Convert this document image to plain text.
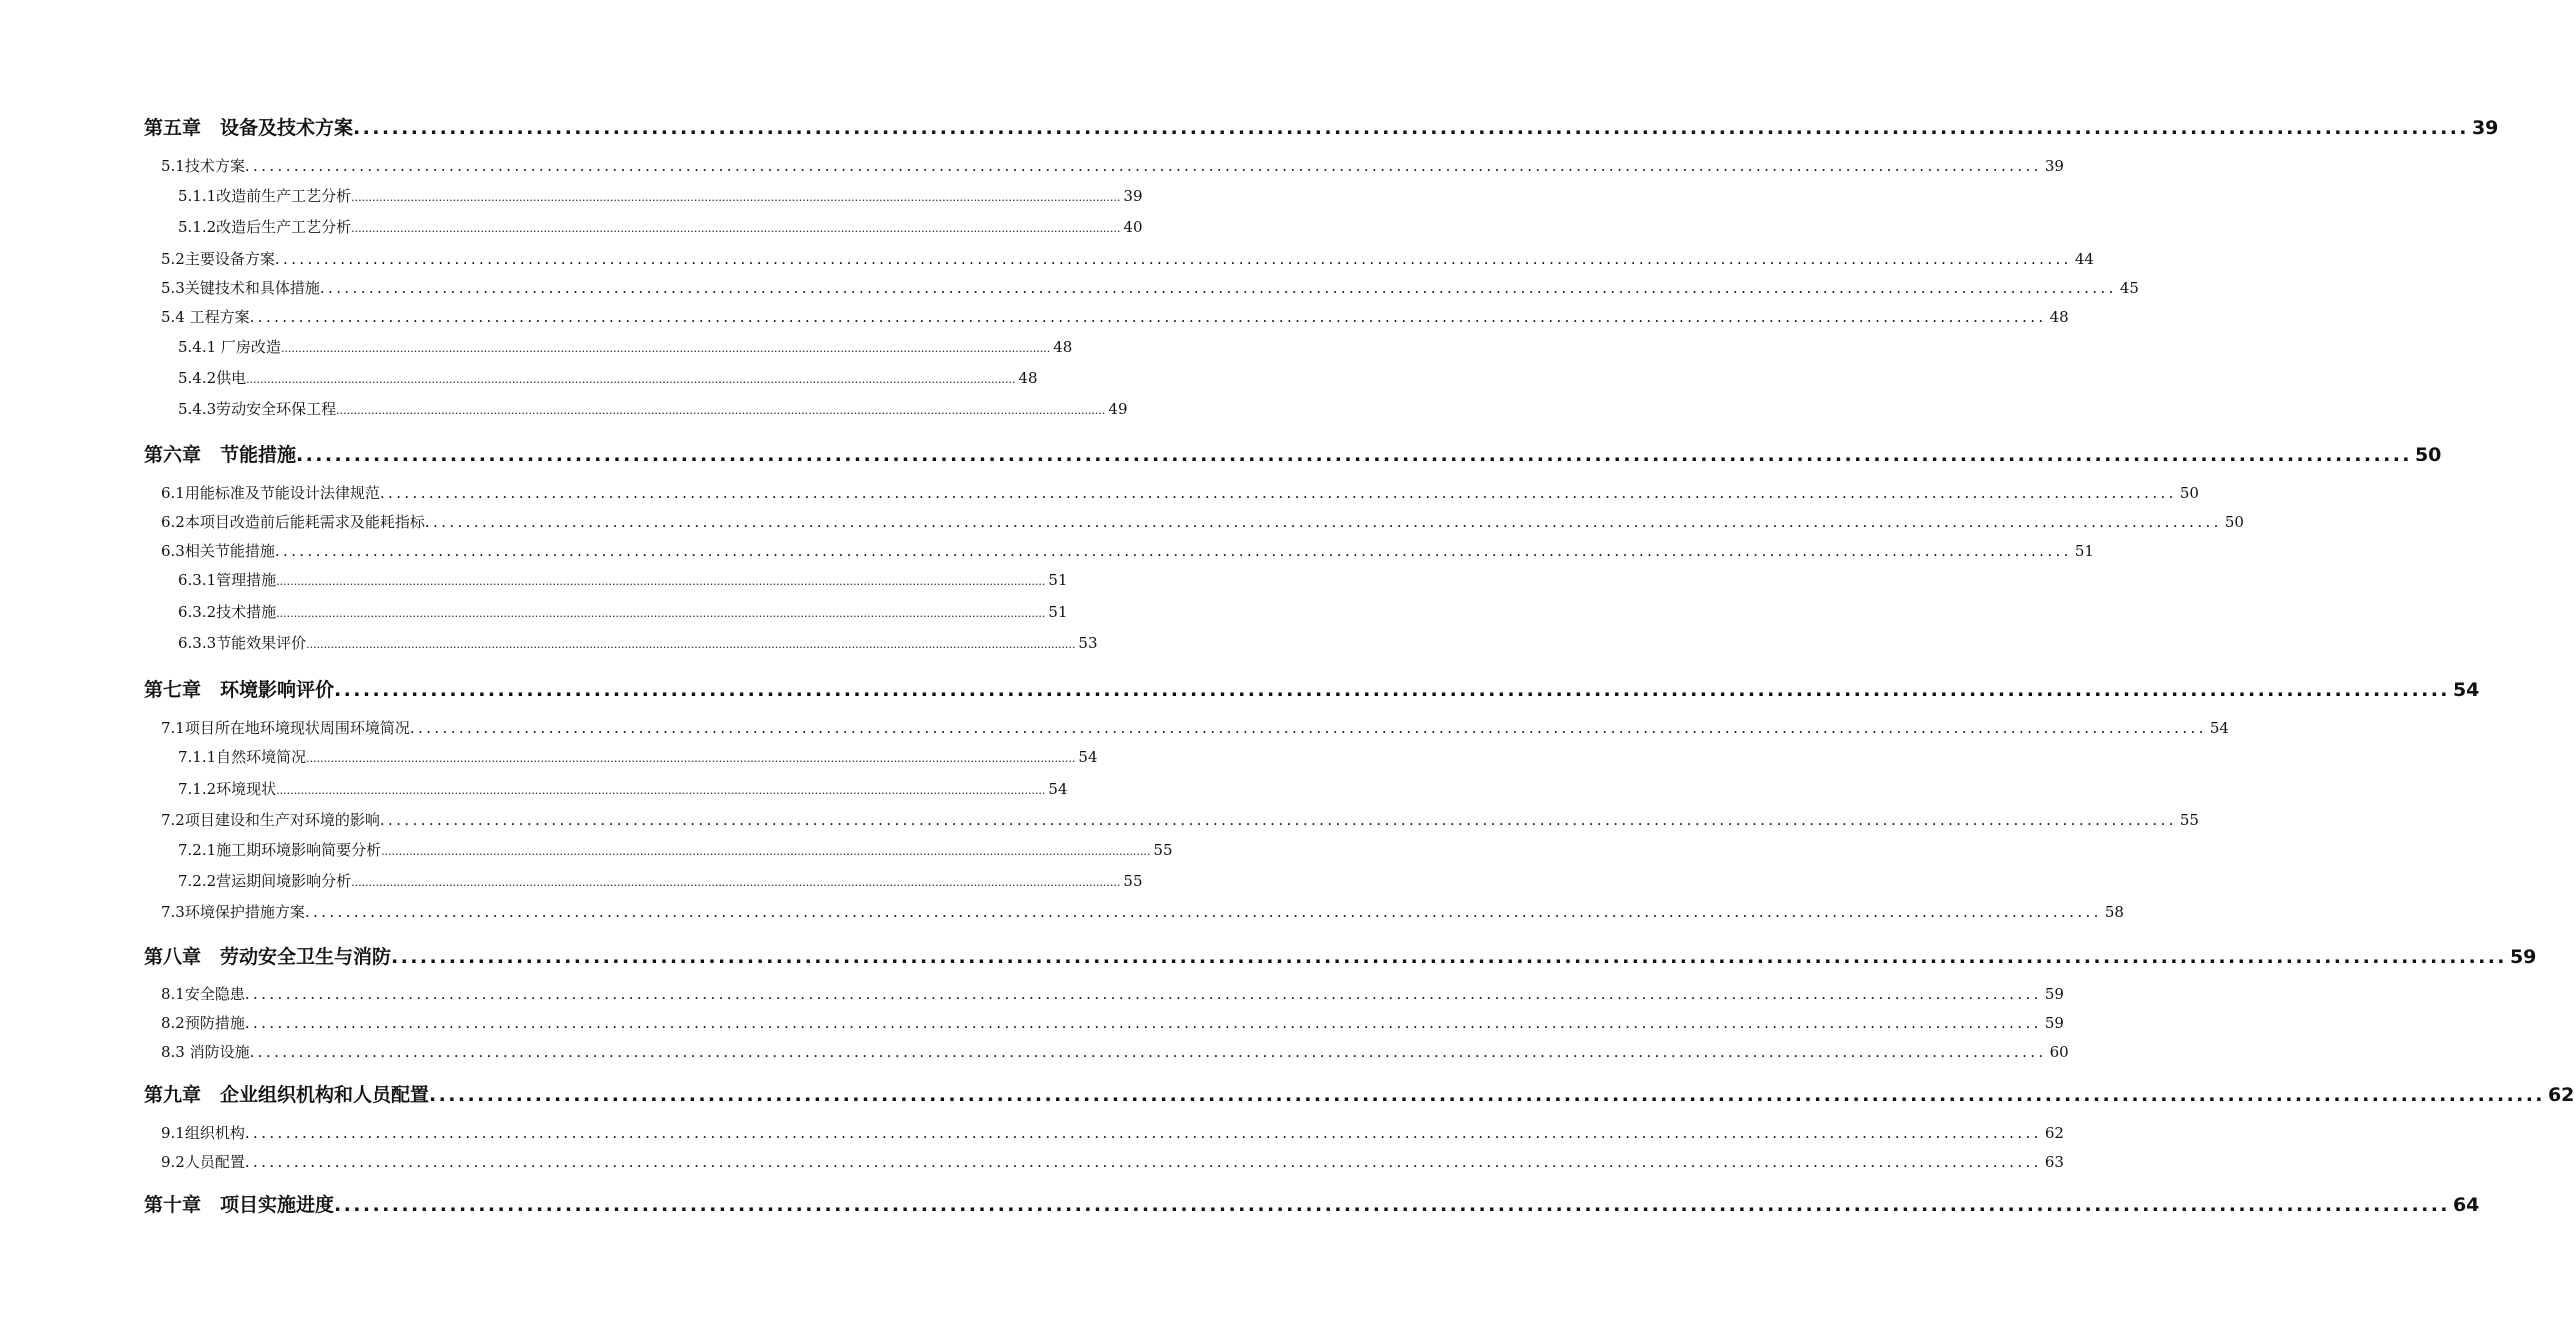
第五章　设备及技术方案 ............................................................................................................................................................................................................................ 39
5.1技术方案 ............................................................................................................................................................................................................................ 39
5.1.1改造前生产工艺分析 ............................................................................................................................................................................................................................ 39
5.1.2改造后生产工艺分析 ............................................................................................................................................................................................................................ 40
5.2主要设备方案 ............................................................................................................................................................................................................................ 44
5.3关键技术和具体措施 ............................................................................................................................................................................................................................ 45
5.4 工程方案 ............................................................................................................................................................................................................................ 48
5.4.1 厂房改造 ............................................................................................................................................................................................................................ 48
5.4.2供电 ............................................................................................................................................................................................................................ 48
5.4.3劳动安全环保工程 ............................................................................................................................................................................................................................ 49
第六章　节能措施 ............................................................................................................................................................................................................................ 50
6.1用能标准及节能设计法律规范 ............................................................................................................................................................................................................................ 50
6.2本项目改造前后能耗需求及能耗指标 ............................................................................................................................................................................................................................ 50
6.3相关节能措施 ............................................................................................................................................................................................................................ 51
6.3.1管理措施 ............................................................................................................................................................................................................................ 51
6.3.2技术措施 ............................................................................................................................................................................................................................ 51
6.3.3节能效果评价 ............................................................................................................................................................................................................................ 53
第七章　环境影响评价 ............................................................................................................................................................................................................................ 54
7.1项目所在地环境现状周围环境简况 ............................................................................................................................................................................................................................ 54
7.1.1自然环境简况 ............................................................................................................................................................................................................................ 54
7.1.2环境现状 ............................................................................................................................................................................................................................ 54
7.2项目建设和生产对环境的影响 ............................................................................................................................................................................................................................ 55
7.2.1施工期环境影响简要分析 ............................................................................................................................................................................................................................ 55
7.2.2营运期间境影响分析 ............................................................................................................................................................................................................................ 55
7.3环境保护措施方案 ............................................................................................................................................................................................................................ 58
第八章　劳动安全卫生与消防 ............................................................................................................................................................................................................................ 59
8.1安全隐患 ............................................................................................................................................................................................................................ 59
8.2预防措施 ............................................................................................................................................................................................................................ 59
8.3 消防设施 ............................................................................................................................................................................................................................ 60
第九章　企业组织机构和人员配置 ............................................................................................................................................................................................................................ 62
9.1组织机构 ............................................................................................................................................................................................................................ 62
9.2人员配置 ............................................................................................................................................................................................................................ 63
第十章　项目实施进度 ............................................................................................................................................................................................................................ 64
